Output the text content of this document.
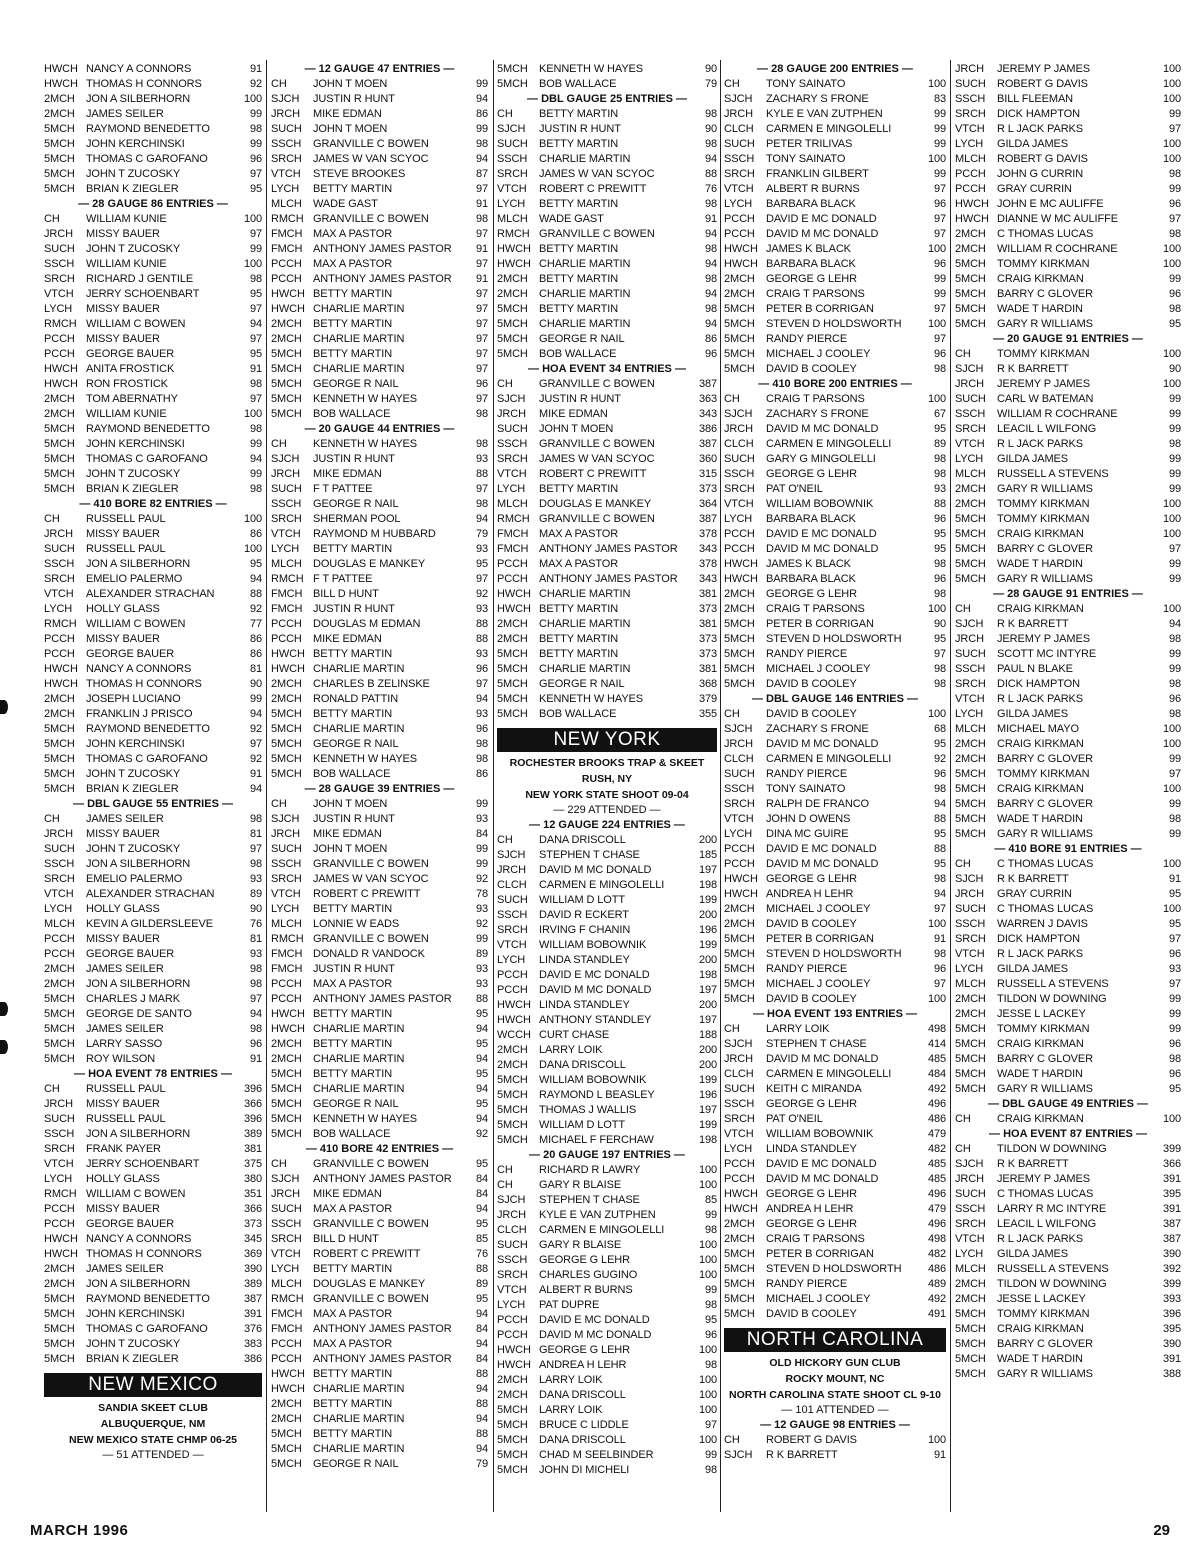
HWCH NANCY A CONNORS	91
HWCH THOMAS H CONNORS	92
2MCH	JON A SILBERHORN	100
2MCH	JAMES SEILER	99
5MCH	RAYMOND BENEDETTO	98
5MCH	JOHN KERCHINSKI	99
5MCH	THOMAS C GAROFANO	96
5MCH	JOHN T ZUCOSKY	97
5MCH	BRIAN K ZIEGLER	95
— 28 GAUGE 86 ENTRIES —
CH	WILLIAM KUNIE	100
JRCH	MISSY BAUER	97
SUCH	JOHN T ZUCOSKY	99
SSCH	WILLIAM KUNIE	100
SRCH	RICHARD J GENTILE	98
VTCH	JERRY SCHOENBART	95
LYCH	MISSY BAUER	97
RMCH WILLIAM C BOWEN	94
PCCH	MISSY BAUER	97
PCCH	GEORGE BAUER	95
HWCH ANITA FROSTICK	91
HWCH RON FROSTICK	98
2MCH	TOM ABERNATHY	97
2MCH	WILLIAM KUNIE	100
5MCH	RAYMOND BENEDETTO	98
5MCH	JOHN KERCHINSKI	99
5MCH	THOMAS C GAROFANO	94
5MCH	JOHN T ZUCOSKY	99
5MCH	BRIAN K ZIEGLER	98
— 410 BORE 82 ENTRIES —
CH	RUSSELL PAUL	100
JRCH	MISSY BAUER	86
SUCH	RUSSELL PAUL	100
SSCH	JON A SILBERHORN	95
SRCH	EMELIO PALERMO	94
VTCH	ALEXANDER STRACHAN	88
LYCH	HOLLY GLASS	92
RMCH WILLIAM C BOWEN	77
PCCH	MISSY BAUER	86
PCCH	GEORGE BAUER	86
HWCH NANCY A CONNORS	81
HWCH THOMAS H CONNORS	90
2MCH	JOSEPH LUCIANO	99
2MCH	FRANKLIN J PRISCO	94
5MCH	RAYMOND BENEDETTO	92
5MCH	JOHN KERCHINSKI	97
5MCH	THOMAS C GAROFANO	92
5MCH	JOHN T ZUCOSKY	91
5MCH	BRIAN K ZIEGLER	94
— DBL GAUGE 55 ENTRIES —
CH	JAMES SEILER	98
JRCH	MISSY BAUER	81
SUCH	JOHN T ZUCOSKY	97
SSCH	JON A SILBERHORN	98
SRCH	EMELIO PALERMO	93
VTCH	ALEXANDER STRACHAN	89
LYCH	HOLLY GLASS	90
MLCH	KEVIN A GILDERSLEEVE	76
PCCH	MISSY BAUER	81
PCCH	GEORGE BAUER	93
2MCH	JAMES SEILER	98
2MCH	JON A SILBERHORN	98
5MCH	CHARLES J MARK	97
5MCH	GEORGE DE SANTO	94
5MCH	JAMES SEILER	98
5MCH	LARRY SASSO	96
5MCH	ROY WILSON	91
— HOA EVENT 78 ENTRIES —
CH	RUSSELL PAUL	396
JRCH	MISSY BAUER	366
SUCH	RUSSELL PAUL	396
SSCH	JON A SILBERHORN	389
SRCH	FRANK PAYER	381
VTCH	JERRY SCHOENBART	375
LYCH	HOLLY GLASS	380
RMCH WILLIAM C BOWEN	351
PCCH	MISSY BAUER	366
PCCH	GEORGE BAUER	373
HWCH NANCY A CONNORS	345
HWCH THOMAS H CONNORS	369
2MCH	JAMES SEILER	390
2MCH	JON A SILBERHORN	389
5MCH	RAYMOND BENEDETTO	387
5MCH	JOHN KERCHINSKI	391
5MCH	THOMAS C GAROFANO	376
5MCH	JOHN T ZUCOSKY	383
5MCH	BRIAN K ZIEGLER	386
NEW MEXICO
SANDIA SKEET CLUB
ALBUQUERQUE, NM
NEW MEXICO STATE CHMP 06-25
— 51 ATTENDED —
— 12 GAUGE 47 ENTRIES —
CH	JOHN T MOEN	99
SJCH	JUSTIN R HUNT	94
JRCH	MIKE EDMAN	86
SUCH	JOHN T MOEN	99
SSCH	GRANVILLE C BOWEN	98
SRCH	JAMES W VAN SCYOC	94
VTCH	STEVE BROOKES	87
LYCH	BETTY MARTIN	97
MLCH	WADE GAST	91
RMCH GRANVILLE C BOWEN	98
FMCH MAX A PASTOR	97
FMCH ANTHONY JAMES PASTOR	91
PCCH	MAX A PASTOR	97
PCCH	ANTHONY JAMES PASTOR	91
HWCH BETTY MARTIN	97
HWCH CHARLIE MARTIN	97
2MCH	BETTY MARTIN	97
2MCH	CHARLIE MARTIN	97
5MCH	BETTY MARTIN	97
5MCH	CHARLIE MARTIN	97
5MCH	GEORGE R NAIL	96
5MCH	KENNETH W HAYES	97
5MCH	BOB WALLACE	98
— 20 GAUGE 44 ENTRIES —
CH	KENNETH W HAYES	98
SJCH	JUSTIN R HUNT	93
JRCH	MIKE EDMAN	88
SUCH	F T PATTEE	97
SSCH	GEORGE R NAIL	98
SRCH	SHERMAN POOL	94
VTCH	RAYMOND M HUBBARD	79
LYCH	BETTY MARTIN	93
MLCH	DOUGLAS E MANKEY	95
RMCH F T PATTEE	97
FMCH BILL D HUNT	92
FMCH JUSTIN R HUNT	93
PCCH	DOUGLAS M EDMAN	88
PCCH	MIKE EDMAN	88
HWCH BETTY MARTIN	93
HWCH CHARLIE MARTIN	96
2MCH	CHARLES B ZELINSKE	97
2MCH	RONALD PATTIN	94
5MCH	BETTY MARTIN	93
5MCH	CHARLIE MARTIN	96
5MCH	GEORGE R NAIL	98
5MCH	KENNETH W HAYES	98
5MCH	BOB WALLACE	86
— 28 GAUGE 39 ENTRIES —
CH	JOHN T MOEN	99
SJCH	JUSTIN R HUNT	93
JRCH	MIKE EDMAN	84
SUCH	JOHN T MOEN	99
SSCH	GRANVILLE C BOWEN	99
SRCH	JAMES W VAN SCYOC	92
VTCH	ROBERT C PREWITT	78
LYCH	BETTY MARTIN	93
MLCH	LONNIE W EADS	92
RMCH GRANVILLE C BOWEN	99
FMCH DONALD R VANDOCK	89
FMCH JUSTIN R HUNT	93
PCCH	MAX A PASTOR	93
PCCH	ANTHONY JAMES PASTOR	88
HWCH BETTY MARTIN	95
HWCH CHARLIE MARTIN	94
2MCH	BETTY MARTIN	95
2MCH	CHARLIE MARTIN	94
5MCH	BETTY MARTIN	95
5MCH	CHARLIE MARTIN	94
5MCH	GEORGE R NAIL	95
5MCH	KENNETH W HAYES	94
5MCH	BOB WALLACE	92
— 410 BORE 42 ENTRIES —
CH	GRANVILLE C BOWEN	95
SJCH	ANTHONY JAMES PASTOR	84
JRCH	MIKE EDMAN	84
SUCH	MAX A PASTOR	94
SSCH	GRANVILLE C BOWEN	95
SRCH	BILL D HUNT	85
VTCH	ROBERT C PREWITT	76
LYCH	BETTY MARTIN	88
MLCH	DOUGLAS E MANKEY	89
RMCH GRANVILLE C BOWEN	95
FMCH MAX A PASTOR	94
FMCH ANTHONY JAMES PASTOR	84
PCCH	MAX A PASTOR	94
PCCH	ANTHONY JAMES PASTOR	84
HWCH BETTY MARTIN	88
HWCH CHARLIE MARTIN	94
2MCH	BETTY MARTIN	88
2MCH	CHARLIE MARTIN	94
5MCH	BETTY MARTIN	88
5MCH	CHARLIE MARTIN	94
5MCH	GEORGE R NAIL	79
5MCH	KENNETH W HAYES	90
5MCH	BOB WALLACE	79
— DBL GAUGE 25 ENTRIES —
CH	BETTY MARTIN	98
SJCH	JUSTIN R HUNT	90
SUCH	BETTY MARTIN	98
SSCH	CHARLIE MARTIN	94
SRCH	JAMES W VAN SCYOC	88
VTCH	ROBERT C PREWITT	76
LYCH	BETTY MARTIN	98
MLCH	WADE GAST	91
RMCH GRANVILLE C BOWEN	94
HWCH BETTY MARTIN	98
HWCH CHARLIE MARTIN	94
2MCH	BETTY MARTIN	98
2MCH	CHARLIE MARTIN	94
5MCH	BETTY MARTIN	98
5MCH	CHARLIE MARTIN	94
5MCH	GEORGE R NAIL	86
5MCH	BOB WALLACE	96
— HOA EVENT 34 ENTRIES —
CH	GRANVILLE C BOWEN	387
SJCH	JUSTIN R HUNT	363
JRCH	MIKE EDMAN	343
SUCH	JOHN T MOEN	386
SSCH	GRANVILLE C BOWEN	387
SRCH	JAMES W VAN SCYOC	360
VTCH	ROBERT C PREWITT	315
LYCH	BETTY MARTIN	373
MLCH	DOUGLAS E MANKEY	364
RMCH GRANVILLE C BOWEN	387
FMCH MAX A PASTOR	378
FMCH ANTHONY JAMES PASTOR	343
PCCH	MAX A PASTOR	378
PCCH	ANTHONY JAMES PASTOR	343
HWCH CHARLIE MARTIN	381
HWCH BETTY MARTIN	373
2MCH	CHARLIE MARTIN	381
2MCH	BETTY MARTIN	373
5MCH	BETTY MARTIN	373
5MCH	CHARLIE MARTIN	381
5MCH	GEORGE R NAIL	368
5MCH	KENNETH W HAYES	379
5MCH	BOB WALLACE	355
NEW YORK
ROCHESTER BROOKS TRAP & SKEET
RUSH, NY
NEW YORK STATE SHOOT 09-04
— 229 ATTENDED —
— 12 GAUGE 224 ENTRIES —
CH	DANA DRISCOLL	200
SJCH	STEPHEN T CHASE	185
JRCH	DAVID M MC DONALD	197
CLCH	CARMEN E MINGOLELLI	198
SUCH	WILLIAM D LOTT	199
SSCH	DAVID R ECKERT	200
SRCH	IRVING F CHANIN	196
VTCH	WILLIAM BOBOWNIK	199
LYCH	LINDA STANDLEY	200
PCCH	DAVID E MC DONALD	198
PCCH	DAVID M MC DONALD	197
HWCH LINDA STANDLEY	200
HWCH ANTHONY STANDLEY	197
WCCH CURT CHASE	188
2MCH	LARRY LOIK	200
2MCH	DANA DRISCOLL	200
5MCH	WILLIAM BOBOWNIK	199
5MCH	RAYMOND L BEASLEY	196
5MCH	THOMAS J WALLIS	197
5MCH	WILLIAM D LOTT	199
5MCH	MICHAEL F FERCHAW	198
— 20 GAUGE 197 ENTRIES —
CH	RICHARD R LAWRY	100
CH	GARY R BLAISE	100
SJCH	STEPHEN T CHASE	85
JRCH	KYLE E VAN ZUTPHEN	99
CLCH	CARMEN E MINGOLELLI	98
SUCH	GARY R BLAISE	100
SSCH	GEORGE G LEHR	100
SRCH	CHARLES GUGINO	100
VTCH	ALBERT R BURNS	99
LYCH	PAT DUPRE	98
PCCH	DAVID E MC DONALD	95
PCCH	DAVID M MC DONALD	96
HWCH GEORGE G LEHR	100
HWCH ANDREA H LEHR	98
2MCH	LARRY LOIK	100
2MCH	DANA DRISCOLL	100
5MCH	LARRY LOIK	100
5MCH	BRUCE C LIDDLE	97
5MCH	DANA DRISCOLL	100
5MCH	CHAD M SEELBINDER	99
5MCH	JOHN DI MICHELI	98
— 28 GAUGE 200 ENTRIES —
CH	TONY SAINATO	100
SJCH	ZACHARY S FRONE	83
JRCH	KYLE E VAN ZUTPHEN	99
CLCH	CARMEN E MINGOLELLI	99
SUCH	PETER TRILIVAS	99
SSCH	TONY SAINATO	100
SRCH	FRANKLIN GILBERT	99
VTCH	ALBERT R BURNS	97
LYCH	BARBARA BLACK	96
PCCH	DAVID E MC DONALD	97
PCCH	DAVID M MC DONALD	97
HWCH JAMES K BLACK	100
HWCH BARBARA BLACK	96
2MCH	GEORGE G LEHR	99
2MCH	CRAIG T PARSONS	99
5MCH	PETER B CORRIGAN	97
5MCH	STEVEN D HOLDSWORTH	100
5MCH	RANDY PIERCE	97
5MCH	MICHAEL J COOLEY	96
5MCH	DAVID B COOLEY	98
— 410 BORE 200 ENTRIES —
CH	CRAIG T PARSONS	100
SJCH	ZACHARY S FRONE	67
JRCH	DAVID M MC DONALD	95
CLCH	CARMEN E MINGOLELLI	89
SUCH	GARY G MINGOLELLI	98
SSCH	GEORGE G LEHR	98
SRCH	PAT O'NEIL	93
VTCH	WILLIAM BOBOWNIK	88
LYCH	BARBARA BLACK	96
PCCH	DAVID E MC DONALD	95
PCCH	DAVID M MC DONALD	95
HWCH JAMES K BLACK	98
HWCH BARBARA BLACK	96
2MCH	GEORGE G LEHR	98
2MCH	CRAIG T PARSONS	100
5MCH	PETER B CORRIGAN	90
5MCH	STEVEN D HOLDSWORTH	95
5MCH	RANDY PIERCE	97
5MCH	MICHAEL J COOLEY	98
5MCH	DAVID B COOLEY	98
— DBL GAUGE 146 ENTRIES —
CH	DAVID B COOLEY	100
SJCH	ZACHARY S FRONE	68
JRCH	DAVID M MC DONALD	95
CLCH	CARMEN E MINGOLELLI	92
SUCH	RANDY PIERCE	96
SSCH	TONY SAINATO	98
SRCH	RALPH DE FRANCO	94
VTCH	JOHN D OWENS	88
LYCH	DINA MC GUIRE	95
PCCH	DAVID E MC DONALD	88
PCCH	DAVID M MC DONALD	95
HWCH GEORGE G LEHR	98
HWCH ANDREA H LEHR	94
2MCH	MICHAEL J COOLEY	97
2MCH	DAVID B COOLEY	100
5MCH	PETER B CORRIGAN	91
5MCH	STEVEN D HOLDSWORTH	98
5MCH	RANDY PIERCE	96
5MCH	MICHAEL J COOLEY	97
5MCH	DAVID B COOLEY	100
— HOA EVENT 193 ENTRIES —
CH	LARRY LOIK	498
SJCH	STEPHEN T CHASE	414
JRCH	DAVID M MC DONALD	485
CLCH	CARMEN E MINGOLELLI	484
SUCH	KEITH C MIRANDA	492
SSCH	GEORGE G LEHR	496
SRCH	PAT O'NEIL	486
VTCH	WILLIAM BOBOWNIK	479
LYCH	LINDA STANDLEY	482
PCCH	DAVID E MC DONALD	485
PCCH	DAVID M MC DONALD	485
HWCH GEORGE G LEHR	496
HWCH ANDREA H LEHR	479
2MCH	GEORGE G LEHR	496
2MCH	CRAIG T PARSONS	498
5MCH	PETER B CORRIGAN	482
5MCH	STEVEN D HOLDSWORTH	486
5MCH	RANDY PIERCE	489
5MCH	MICHAEL J COOLEY	492
5MCH	DAVID B COOLEY	491
NORTH CAROLINA
OLD HICKORY GUN CLUB
ROCKY MOUNT, NC
NORTH CAROLINA STATE SHOOT CL 9-10
— 101 ATTENDED —
— 12 GAUGE 98 ENTRIES —
CH	ROBERT G DAVIS	100
SJCH	R K BARRETT	91
JRCH	JEREMY P JAMES	100
SUCH	ROBERT G DAVIS	100
SSCH	BILL FLEEMAN	100
SRCH	DICK HAMPTON	99
VTCH	R L JACK PARKS	97
LYCH	GILDA JAMES	100
MLCH	ROBERT G DAVIS	100
PCCH	JOHN G CURRIN	98
PCCH	GRAY CURRIN	99
HWCH JOHN E MC AULIFFE	96
HWCH DIANNE W MC AULIFFE	97
2MCH	C THOMAS LUCAS	98
2MCH	WILLIAM R COCHRANE	100
5MCH	TOMMY KIRKMAN	100
5MCH	CRAIG KIRKMAN	99
5MCH	BARRY C GLOVER	96
5MCH	WADE T HARDIN	98
5MCH	GARY R WILLIAMS	95
— 20 GAUGE 91 ENTRIES —
CH	TOMMY KIRKMAN	100
SJCH	R K BARRETT	90
JRCH	JEREMY P JAMES	100
SUCH	CARL W BATEMAN	99
SSCH	WILLIAM R COCHRANE	99
SRCH	LEACIL L WILFONG	99
VTCH	R L JACK PARKS	98
LYCH	GILDA JAMES	99
MLCH	RUSSELL A STEVENS	99
2MCH	GARY R WILLIAMS	99
2MCH	TOMMY KIRKMAN	100
5MCH	TOMMY KIRKMAN	100
5MCH	CRAIG KIRKMAN	100
5MCH	BARRY C GLOVER	97
5MCH	WADE T HARDIN	99
5MCH	GARY R WILLIAMS	99
— 28 GAUGE 91 ENTRIES —
CH	CRAIG KIRKMAN	100
SJCH	R K BARRETT	94
JRCH	JEREMY P JAMES	98
SUCH	SCOTT MC INTYRE	99
SSCH	PAUL N BLAKE	99
SRCH	DICK HAMPTON	98
VTCH	R L JACK PARKS	96
LYCH	GILDA JAMES	98
MLCH	MICHAEL MAYO	100
2MCH	CRAIG KIRKMAN	100
2MCH	BARRY C GLOVER	99
5MCH	TOMMY KIRKMAN	97
5MCH	CRAIG KIRKMAN	100
5MCH	BARRY C GLOVER	99
5MCH	WADE T HARDIN	98
5MCH	GARY R WILLIAMS	99
— 410 BORE 91 ENTRIES —
CH	C THOMAS LUCAS	100
SJCH	R K BARRETT	91
JRCH	GRAY CURRIN	95
SUCH	C THOMAS LUCAS	100
SSCH	WARREN J DAVIS	95
SRCH	DICK HAMPTON	97
VTCH	R L JACK PARKS	96
LYCH	GILDA JAMES	93
MLCH	RUSSELL A STEVENS	97
2MCH	TILDON W DOWNING	99
2MCH	JESSE L LACKEY	99
5MCH	TOMMY KIRKMAN	99
5MCH	CRAIG KIRKMAN	96
5MCH	BARRY C GLOVER	98
5MCH	WADE T HARDIN	96
5MCH	GARY R WILLIAMS	95
— DBL GAUGE 49 ENTRIES —
CH	CRAIG KIRKMAN	100
— HOA EVENT 87 ENTRIES —
CH	TILDON W DOWNING	399
SJCH	R K BARRETT	366
JRCH	JEREMY P JAMES	391
SUCH	C THOMAS LUCAS	395
SSCH	LARRY R MC INTYRE	391
SRCH	LEACIL L WILFONG	387
VTCH	R L JACK PARKS	387
LYCH	GILDA JAMES	390
MLCH	RUSSELL A STEVENS	392
2MCH	TILDON W DOWNING	399
2MCH	JESSE L LACKEY	393
5MCH	TOMMY KIRKMAN	396
5MCH	CRAIG KIRKMAN	395
5MCH	BARRY C GLOVER	390
5MCH	WADE T HARDIN	391
5MCH	GARY R WILLIAMS	388
MARCH 1996	29
